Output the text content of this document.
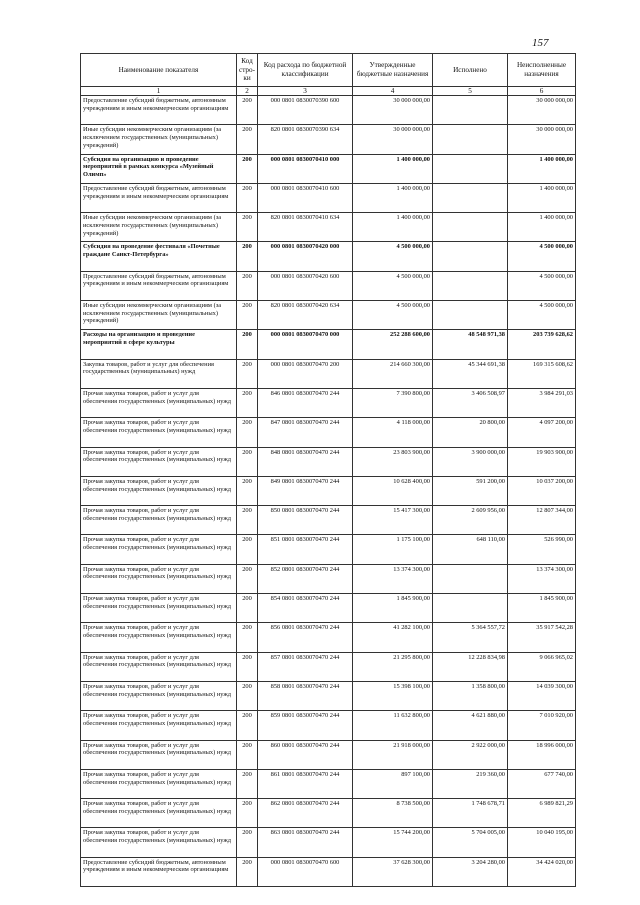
157
Наименование показателя	Код стро-ки	Код расхода по бюджетной классификации	Утвержденные бюджетные назначения	Исполнено	Неисполненные назначения
1	2	3	4	5	6
Предоставление субсидий бюджетным, автономным учреждениям и иным некоммерческим организациям	200	000 0801 0830070390 600	30 000 000,00		30 000 000,00
Иные субсидии некоммерческим организациям (за исключением государственных (муниципальных) учреждений)	200	820 0801 0830070390 634	30 000 000,00		30 000 000,00
Субсидия на организацию и проведение мероприятий в рамках конкурса «Музейный Олимп»	200	000 0801 0830070410 000	1 400 000,00		1 400 000,00
Предоставление субсидий бюджетным, автономным учреждениям и иным некоммерческим организациям	200	000 0801 0830070410 600	1 400 000,00		1 400 000,00
Иные субсидии некоммерческим организациям (за исключением государственных (муниципальных) учреждений)	200	820 0801 0830070410 634	1 400 000,00		1 400 000,00
Субсидия на проведение фестиваля «Почетные граждане Санкт-Петербурга»	200	000 0801 0830070420 000	4 500 000,00		4 500 000,00
Предоставление субсидий бюджетным, автономным учреждениям и иным некоммерческим организациям	200	000 0801 0830070420 600	4 500 000,00		4 500 000,00
Иные субсидии некоммерческим организациям (за исключением государственных (муниципальных) учреждений)	200	820 0801 0830070420 634	4 500 000,00		4 500 000,00
Расходы на организацию и проведение мероприятий в сфере культуры	200	000 0801 0830070470 000	252 288 600,00	48 548 971,38	203 739 628,62
Закупка товаров, работ и услуг для обеспечения государственных (муниципальных) нужд	200	000 0801 0830070470 200	214 660 300,00	45 344 691,38	169 315 608,62
Прочая закупка товаров, работ и услуг для обеспечения государственных (муниципальных) нужд	200	846 0801 0830070470 244	7 390 800,00	3 406 508,97	3 984 291,03
Прочая закупка товаров, работ и услуг для обеспечения государственных (муниципальных) нужд	200	847 0801 0830070470 244	4 118 000,00	20 800,00	4 097 200,00
Прочая закупка товаров, работ и услуг для обеспечения государственных (муниципальных) нужд	200	848 0801 0830070470 244	23 803 900,00	3 900 000,00	19 903 900,00
Прочая закупка товаров, работ и услуг для обеспечения государственных (муниципальных) нужд	200	849 0801 0830070470 244	10 628 400,00	591 200,00	10 037 200,00
Прочая закупка товаров, работ и услуг для обеспечения государственных (муниципальных) нужд	200	850 0801 0830070470 244	15 417 300,00	2 609 956,00	12 807 344,00
Прочая закупка товаров, работ и услуг для обеспечения государственных (муниципальных) нужд	200	851 0801 0830070470 244	1 175 100,00	648 110,00	526 990,00
Прочая закупка товаров, работ и услуг для обеспечения государственных (муниципальных) нужд	200	852 0801 0830070470 244	13 374 300,00		13 374 300,00
Прочая закупка товаров, работ и услуг для обеспечения государственных (муниципальных) нужд	200	854 0801 0830070470 244	1 845 900,00		1 845 900,00
Прочая закупка товаров, работ и услуг для обеспечения государственных (муниципальных) нужд	200	856 0801 0830070470 244	41 282 100,00	5 364 557,72	35 917 542,28
Прочая закупка товаров, работ и услуг для обеспечения государственных (муниципальных) нужд	200	857 0801 0830070470 244	21 295 800,00	12 228 834,98	9 066 965,02
Прочая закупка товаров, работ и услуг для обеспечения государственных (муниципальных) нужд	200	858 0801 0830070470 244	15 398 100,00	1 358 800,00	14 039 300,00
Прочая закупка товаров, работ и услуг для обеспечения государственных (муниципальных) нужд	200	859 0801 0830070470 244	11 632 800,00	4 621 880,00	7 010 920,00
Прочая закупка товаров, работ и услуг для обеспечения государственных (муниципальных) нужд	200	860 0801 0830070470 244	21 918 000,00	2 922 000,00	18 996 000,00
Прочая закупка товаров, работ и услуг для обеспечения государственных (муниципальных) нужд	200	861 0801 0830070470 244	897 100,00	219 360,00	677 740,00
Прочая закупка товаров, работ и услуг для обеспечения государственных (муниципальных) нужд	200	862 0801 0830070470 244	8 738 500,00	1 748 678,71	6 989 821,29
Прочая закупка товаров, работ и услуг для обеспечения государственных (муниципальных) нужд	200	863 0801 0830070470 244	15 744 200,00	5 704 005,00	10 040 195,00
Предоставление субсидий бюджетным, автономным учреждениям и иным некоммерческим организациям	200	000 0801 0830070470 600	37 628 300,00	3 204 280,00	34 424 020,00
